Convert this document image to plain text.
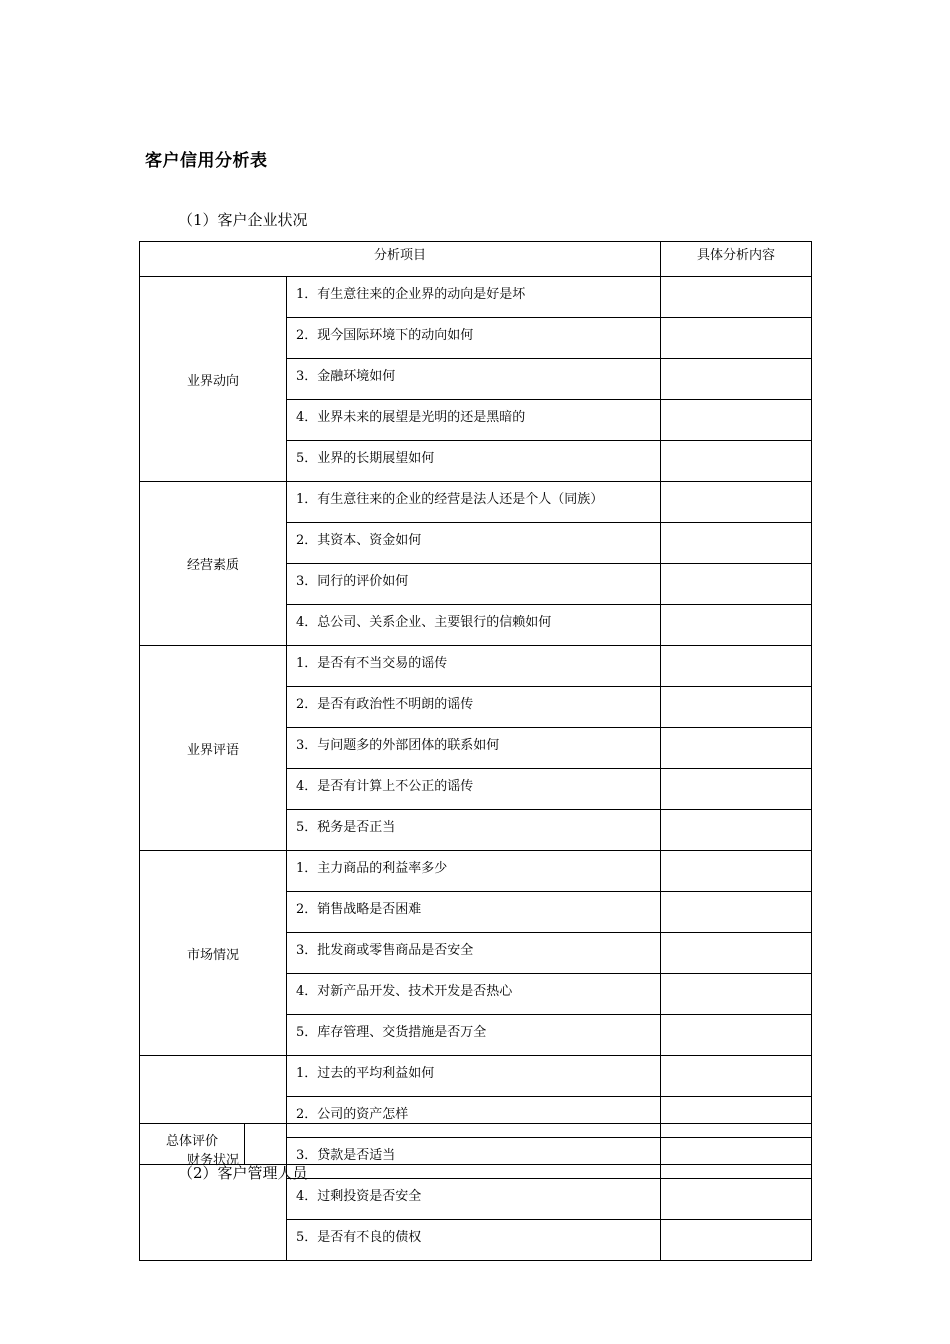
客户信用分析表
（1）客户企业状况
分析项目		具体分析内容
业界动向	1．有生意往来的企业界的动向是好是坏	
	2．现今国际环境下的动向如何	
	3．金融环境如何	
	4．业界未来的展望是光明的还是黑暗的	
	5．业界的长期展望如何	
经营素质	1．有生意往来的企业的经营是法人还是个人（同族）	
	2．其资本、资金如何	
	3．同行的评价如何	
	4．总公司、关系企业、主要银行的信赖如何	
业界评语	1．是否有不当交易的谣传	
	2．是否有政治性不明朗的谣传	
	3．与问题多的外部团体的联系如何	
	4．是否有计算上不公正的谣传	
	5．税务是否正当	
市场情况	1．主力商品的利益率多少	
	2．销售战略是否困难	
	3．批发商或零售商品是否安全	
	4．对新产品开发、技术开发是否热心	
	5．库存管理、交货措施是否万全	
财务状况	1．过去的平均利益如何	
	2．公司的资产怎样	
	3．贷款是否适当	
	4．过剩投资是否安全	
	5．是否有不良的债权	
总体评价	
（2）客户管理人员
